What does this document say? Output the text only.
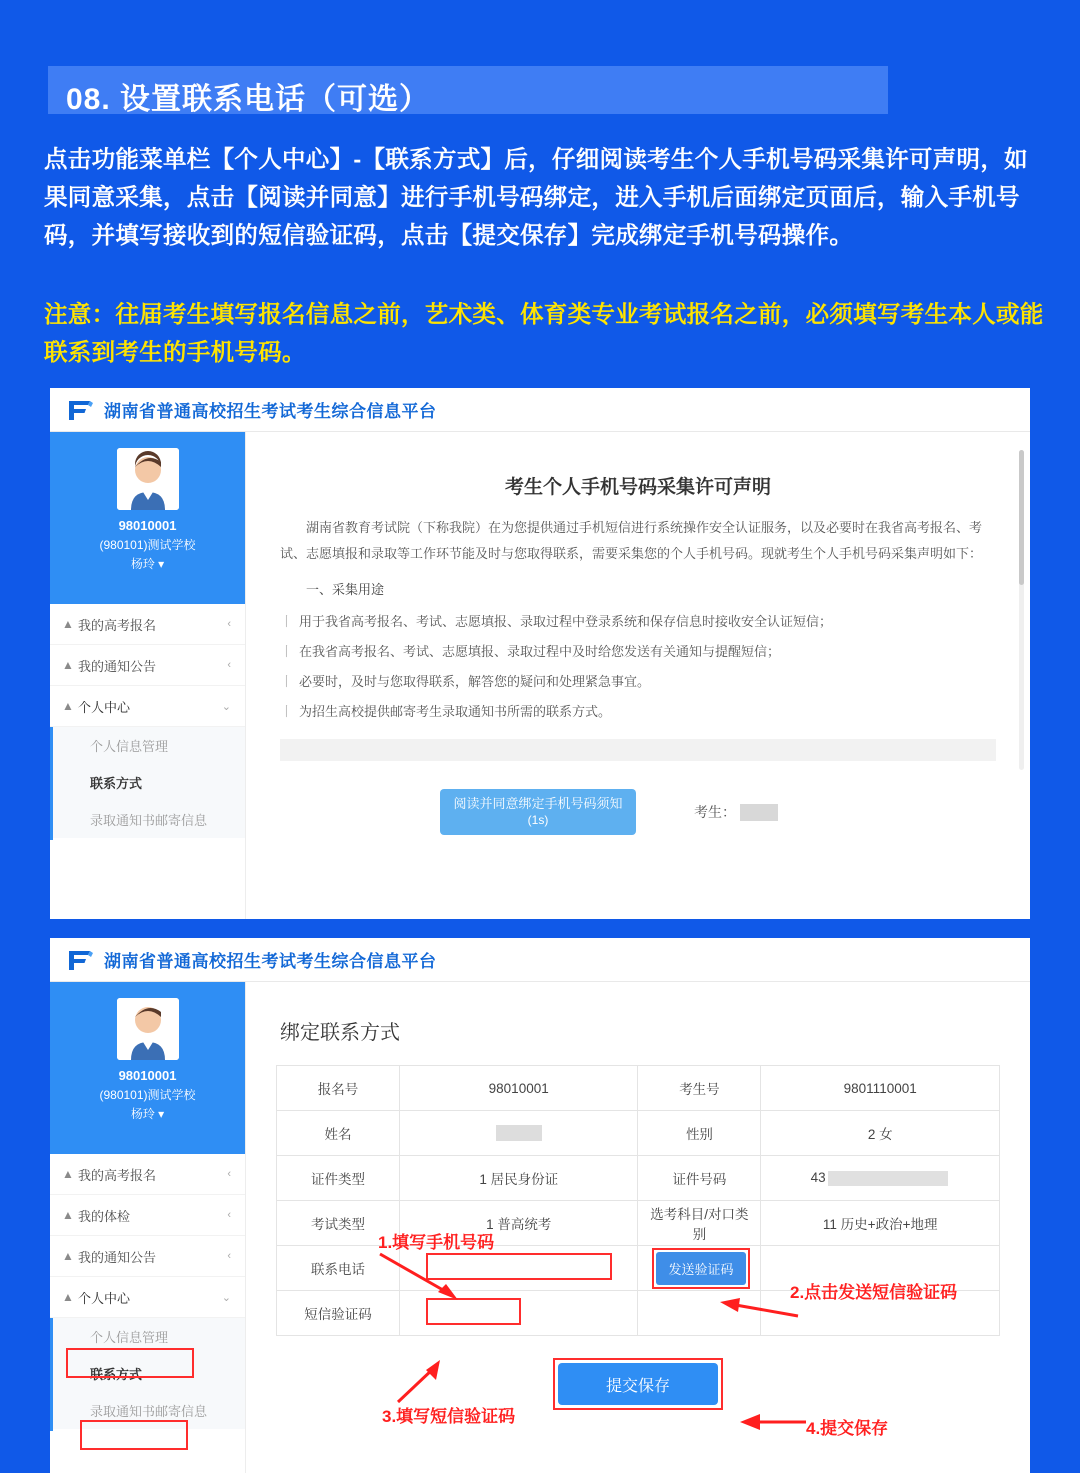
08. 设置联系电话（可选）
点击功能菜单栏【个人中心】-【联系方式】后，仔细阅读考生个人手机号码采集许可声明，如果同意采集，点击【阅读并同意】进行手机号码绑定，进入手机后面绑定页面后，输入手机号码，并填写接收到的短信验证码，点击【提交保存】完成绑定手机号码操作。
注意：往届考生填写报名信息之前，艺术类、体育类专业考试报名之前，必须填写考生本人或能联系到考生的手机号码。
湖南省普通高校招生考试考生综合信息平台
98010001
(980101)测试学校
杨玲 ▾
▲ 我的高考报名	‹
▲ 我的通知公告	‹
▲ 个人中心	⌄
个人信息管理
联系方式
录取通知书邮寄信息
考生个人手机号码采集许可声明
湖南省教育考试院（下称我院）在为您提供通过手机短信进行系统操作安全认证服务，以及必要时在我省高考报名、考试、志愿填报和录取等工作环节能及时与您取得联系，需要采集您的个人手机号码。现就考生个人手机号码采集声明如下：
一、采集用途
丨 用于我省高考报名、考试、志愿填报、录取过程中登录系统和保存信息时接收安全认证短信；
丨 在我省高考报名、考试、志愿填报、录取过程中及时给您发送有关通知与提醒短信；
丨 必要时，及时与您取得联系，解答您的疑问和处理紧急事宜。
丨 为招生高校提供邮寄考生录取通知书所需的联系方式。
阅读并同意绑定手机号码须知
(1s)	考生：
湖南省普通高校招生考试考生综合信息平台
98010001
(980101)测试学校
杨玲 ▾
▲ 我的高考报名	‹
▲ 我的体检	‹
▲ 我的通知公告	‹
▲ 个人中心	⌄
个人信息管理
联系方式
录取通知书邮寄信息
绑定联系方式
报名号	98010001	考生号	9801110001
姓名		性别	2 女
证件类型	1 居民身份证	证件号码	43
考试类型	1 普高统考	选考科目/对口类别	11 历史+政治+地理
联系电话		发送验证码	
短信验证码			
提交保存
1.填写手机号码
2.点击发送短信验证码
3.填写短信验证码
4.提交保存
